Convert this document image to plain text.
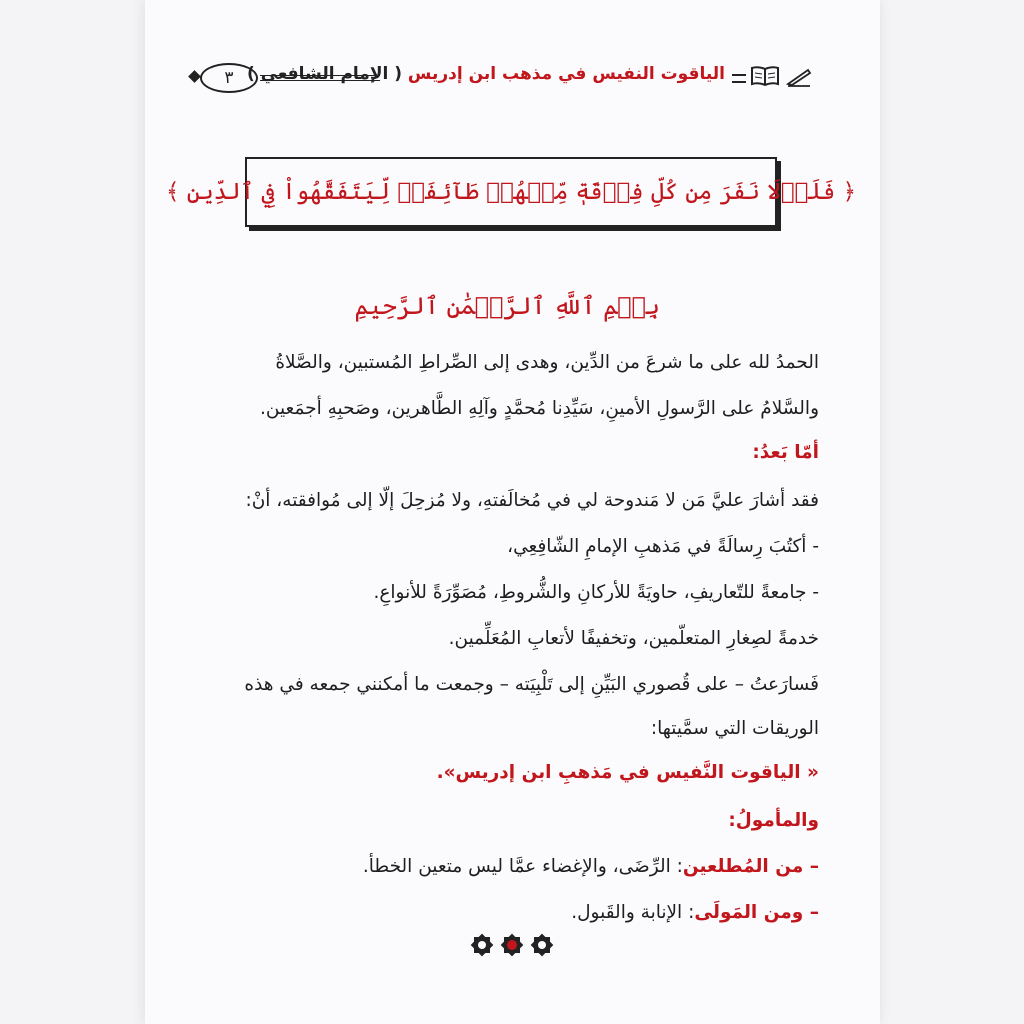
٣	الياقوت النفيس في مذهب ابن إدريس ( الإمام الشافعي )
﴿ فَلَوۡلَا نَفَرَ مِن كُلِّ فِرۡقَةٖ مِّنۡهُمۡ طَآئِفَةٞ لِّيَتَفَقَّهُواْ فِي ٱلدِّينِ ﴾
بِسۡمِ ٱللَّهِ ٱلرَّحۡمَٰنِ ٱلرَّحِيمِ
الحمدُ لله على ما شرعَ من الدِّين، وهدى إلى الصِّراطِ المُستبين، والصَّلاةُ
والسَّلامُ على الرَّسولِ الأمينِ، سَيِّدِنا مُحمَّدٍ وآلِهِ الطَّاهرين، وصَحبِهِ أجمَعين.
أمّا بَعدُ:
فقد أشارَ عليَّ مَن لا مَندوحة لي في مُخالَفتهِ، ولا مُزحِلَ إلّا إلى مُوافقته، أنْ:
- أكتُبَ رِسالَةً في مَذهبِ الإمامِ الشّافِعِي،
- جامعةً للتّعاريفِ، حاويَةً للأركانِ والشُّروطِ، مُصَوِّرَةً للأنواعِ.
خدمةً لصِغارِ المتعلّمين، وتخفيفًا لأتعابِ المُعَلِّمين.
فَسارَعتُ – على قُصوري البَيِّنِ إلى تَلْبِيَته – وجمعت ما أمكنني جمعه في هذه
الوريقات التي سمَّيتها:
« الياقوت النَّفيس في مَذهبِ ابن إدريس».
والمأمولُ:
– من المُطلعين: الرِّضَى، والإغضاء عمَّا ليس متعين الخطأ.
– ومن المَولَى: الإنابة والقَبول.
